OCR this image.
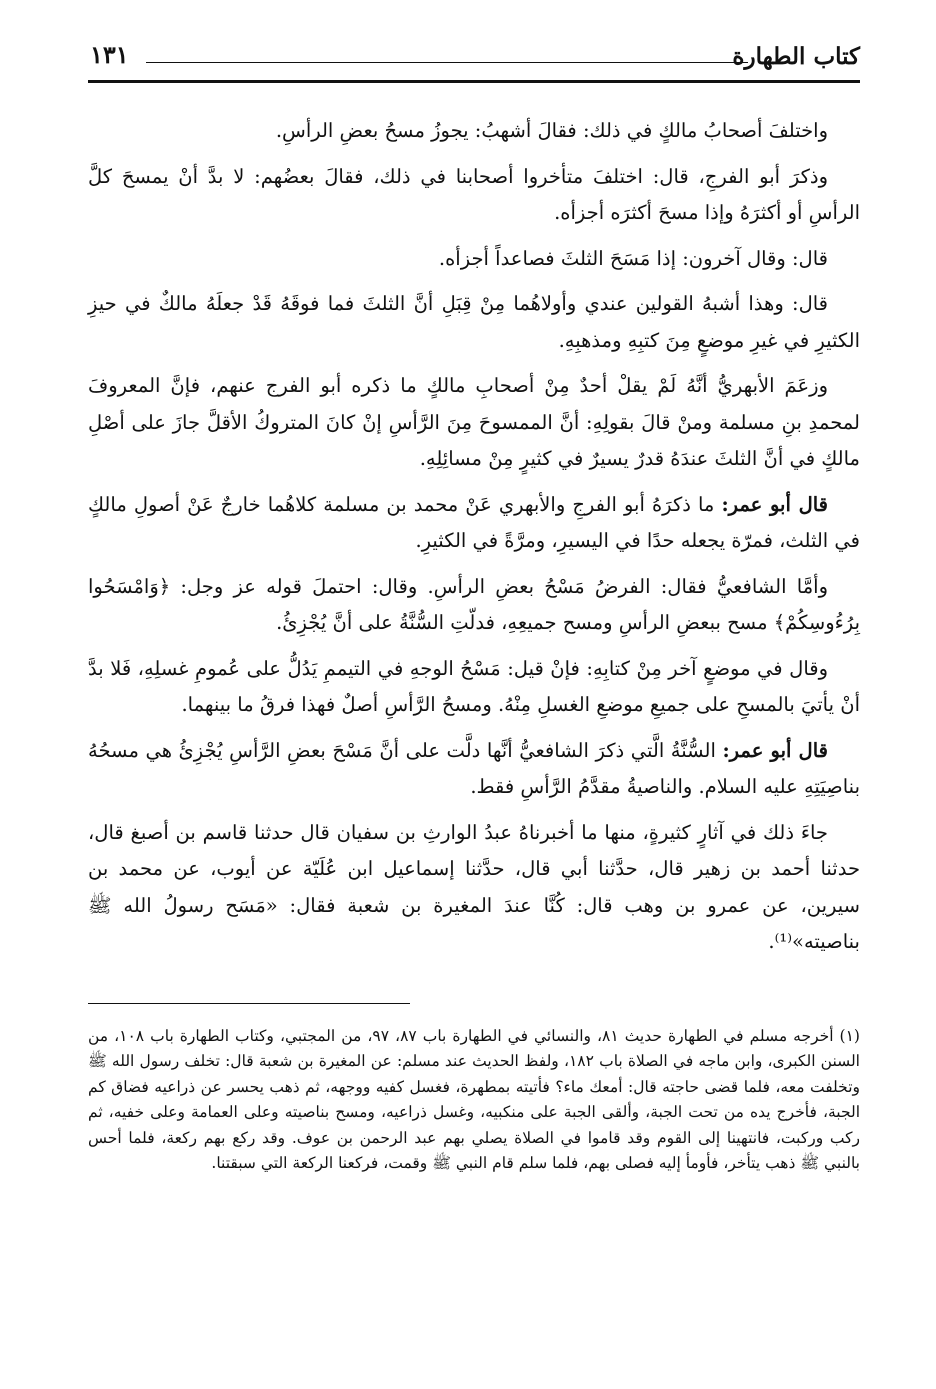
كتاب الطهارة
١٣١

واختلفَ أصحابُ مالكٍ في ذلك: فقالَ أشهبُ: يجوزُ مسحُ بعضِ الرأسِ.

وذكرَ أبو الفرجِ، قال: اختلفَ متأخروا أصحابنا في ذلك، فقالَ بعضُهم: لا بدَّ أنْ يمسحَ كلَّ الرأسِ أو أكثرَهُ وإذا مسحَ أكثرَه أجزأه.

قال: وقال آخرون: إذا مَسَحَ الثلثَ فصاعداً أجزأه.

قال: وهذا أشبهُ القولين عندي وأولاهُما مِنْ قِبَلِ أنَّ الثلثَ فما فوقَهُ قَدْ جعلَهُ مالكٌ في حيزِ الكثيرِ في غيرِ موضعٍ مِنَ كتبِهِ ومذهبِهِ.

وزعَمَ الأبهريُّ أنَّهُ لَمْ يقلْ أحدٌ مِنْ أصحابِ مالكٍ ما ذكره أبو الفرج عنهم، فإنَّ المعروفَ لمحمدِ بنِ مسلمة ومنْ قالَ بقولِهِ: أنَّ الممسوحَ مِنَ الرَّأسِ إنْ كانَ المتروكُ الأقلَّ جازَ على أصْلِ مالكٍ في أنَّ الثلثَ عندَهُ قدرٌ يسيرٌ في كثيرٍ مِنْ مسائِلِهِ.

قال أبو عمر: ما ذكرَهُ أبو الفرجِ والأبهري عَنْ محمد بن مسلمة كلاهُما خارجٌ عَنْ أصولِ مالكٍ في الثلث، فمرّة يجعله حدًا في اليسيرِ، ومرَّةً في الكثيرِ.

وأمَّا الشافعيُّ فقال: الفرضُ مَسْحُ بعضِ الرأسِ. وقال: احتملَ قوله عز وجل: ﴿وَامْسَحُوا بِرُءُوسِكُمْ﴾ مسح ببعضِ الرأسِ ومسح جميعِهِ، فدلّتِ السُّنَّةُ على أنَّ يُجْزِئُ.

وقال في موضعٍ آخر مِنْ كتابِهِ: فإنْ قيل: مَسْحُ الوجهِ في التيممِ يَدُلُّ على عُمومِ غسلِهِ، فَلا بدَّ أنْ يأتيَ بالمسحِ على جميعِ موضعِ الغسلِ مِنْهُ. ومسحُ الرَّأسِ أصلٌ فهذا فرقُ ما بينهما.

قال أبو عمر: السُّنَّةُ الَّتي ذكرَ الشافعيُّ أنَّها دلَّت على أنَّ مَسْحَ بعضِ الرَّأسِ يُجْزِئُ هي مسحُهُ بناصِيَتِهِ عليه السلام. والناصيةُ مقدَّمُ الرَّأسِ فقط.

جاءَ ذلك في آثارٍ كثيرةٍ، منها ما أخبرناهُ عبدُ الوارثِ بن سفيان قال حدثنا قاسم بن أصبغ قال، حدثنا أحمد بن زهير قال، حدَّثنا أبي قال، حدَّثنا إسماعيل ابن عُلَيّة عن أيوب، عن محمد بن سيرين، عن عمرو بن وهب قال: كُنَّا عندَ المغيرة بن شعبة فقال: «مَسَح رسولُ الله ﷺ بناصيته»⁽¹⁾.

(١) أخرجه مسلم في الطهارة حديث ٨١، والنسائي في الطهارة باب ٨٧، ٩٧، من المجتبي، وكتاب الطهارة باب ١٠٨، من السنن الكبرى، وابن ماجه في الصلاة باب ١٨٢، ولفظ الحديث عند مسلم: عن المغيرة بن شعبة قال: تخلف رسول الله ﷺ وتخلفت معه، فلما قضى حاجته قال: أمعك ماء؟ فأتيته بمطهرة، فغسل كفيه ووجهه، ثم ذهب يحسر عن ذراعيه فضاق كم الجبة، فأخرج يده من تحت الجبة، وألقى الجبة على منكبيه، وغسل ذراعيه، ومسح بناصيته وعلى العمامة وعلى خفيه، ثم ركب وركبت، فانتهينا إلى القوم وقد قاموا في الصلاة يصلي بهم عبد الرحمن بن عوف. وقد ركع بهم ركعة، فلما أحس بالنبي ﷺ ذهب يتأخر، فأومأ إليه فصلى بهم، فلما سلم قام النبي ﷺ وقمت، فركعنا الركعة التي سبقتنا.
